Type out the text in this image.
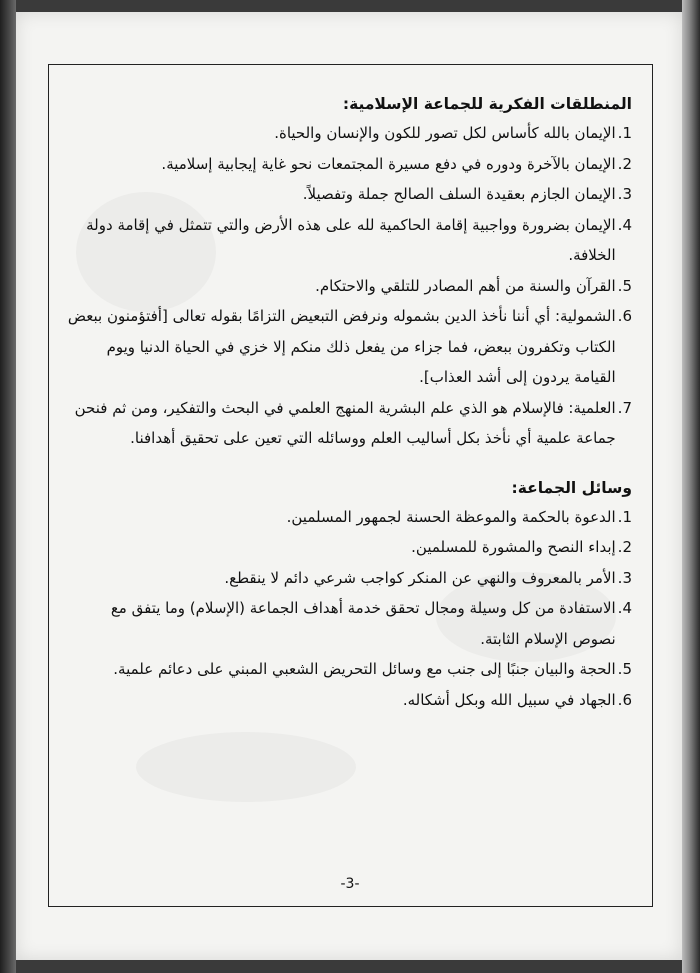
المنطلقات الفكرية للجماعة الإسلامية:
1.
الإيمان بالله كأساس لكل تصور للكون والإنسان والحياة.
2.
الإيمان بالآخرة ودوره في دفع مسيرة المجتمعات نحو غاية إيجابية إسلامية.
3.
الإيمان الجازم بعقيدة السلف الصالح جملة وتفصيلاً.
4.
الإيمان بضرورة وواجبية إقامة الحاكمية لله على هذه الأرض والتي تتمثل في إقامة دولة الخلافة.
5.
القرآن والسنة من أهم المصادر للتلقي والاحتكام.
6.
الشمولية: أي أننا نأخذ الدين بشموله ونرفض التبعيض التزامًا بقوله تعالى [أفتؤمنون ببعض الكتاب وتكفرون ببعض، فما جزاء من يفعل ذلك منكم إلا خزي في الحياة الدنيا ويوم القيامة يردون إلى أشد العذاب].
7.
العلمية: فالإسلام هو الذي علم البشرية المنهج العلمي في البحث والتفكير، ومن ثم فنحن جماعة علمية أي نأخذ بكل أساليب العلم ووسائله التي تعين على تحقيق أهدافنا.
وسائل الجماعة:
1.
الدعوة بالحكمة والموعظة الحسنة لجمهور المسلمين.
2.
إبداء النصح والمشورة للمسلمين.
3.
الأمر بالمعروف والنهي عن المنكر كواجب شرعي دائم لا ينقطع.
4.
الاستفادة من كل وسيلة ومجال تحقق خدمة أهداف الجماعة (الإسلام) وما يتفق مع نصوص الإسلام الثابتة.
5.
الحجة والبيان جنبًا إلى جنب مع وسائل التحريض الشعبي المبني على دعائم علمية.
6.
الجهاد في سبيل الله وبكل أشكاله.
-3-
